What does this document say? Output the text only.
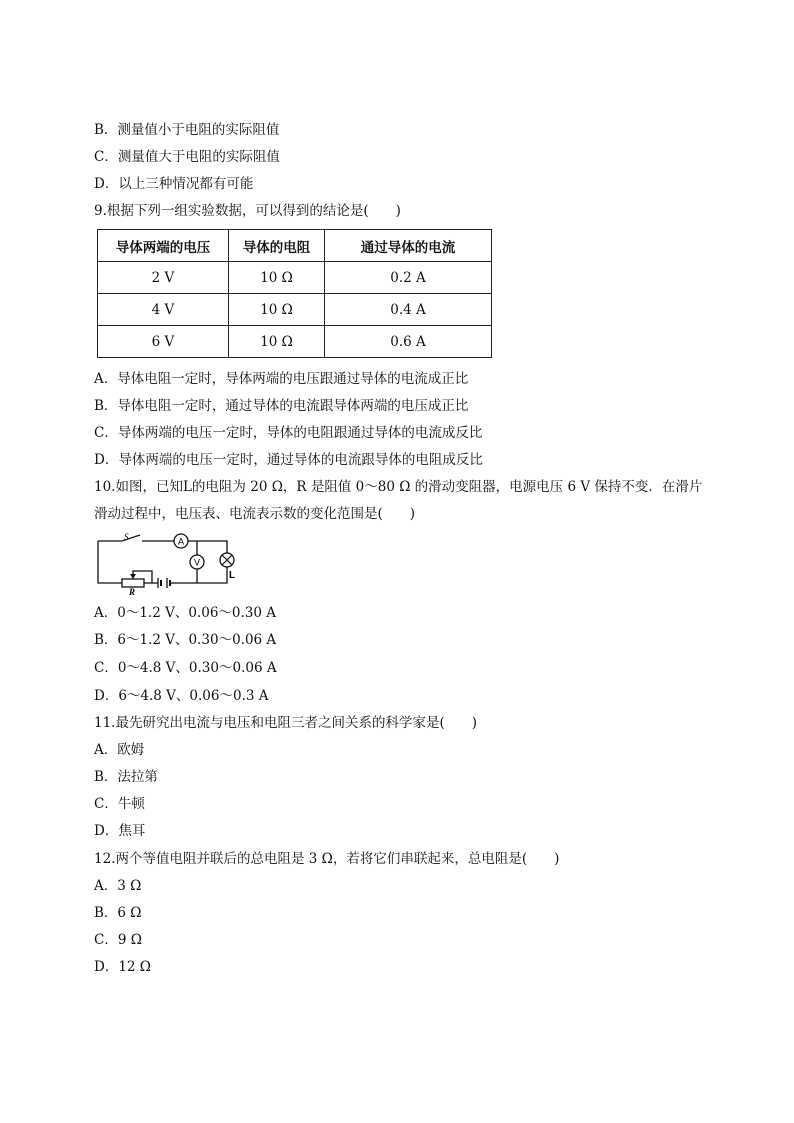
B．测量值小于电阻的实际阻值
C．测量值大于电阻的实际阻值
D．以上三种情况都有可能
9.根据下列一组实验数据，可以得到的结论是(　　)
导体两端的电压	导体的电阻	通过导体的电流
2 V	10 Ω	0.2 A
4 V	10 Ω	0.4 A
6 V	10 Ω	0.6 A
A．导体电阻一定时，导体两端的电压跟通过导体的电流成正比
B．导体电阻一定时，通过导体的电流跟导体两端的电压成正比
C．导体两端的电压一定时，导体的电阻跟通过导体的电流成反比
D．导体两端的电压一定时，通过导体的电流跟导体的电阻成反比
10.如图，已知L的电阻为 20 Ω，R 是阻值 0～80 Ω 的滑动变阻器，电源电压 6 V 保持不变．在滑片滑动过程中，电压表、电流表示数的变化范围是(　　)
A
V
L
S
R
A．0～1.2 V、0.06～0.30 A
B．6～1.2 V、0.30～0.06 A
C．0～4.8 V、0.30～0.06 A
D．6～4.8 V、0.06～0.3 A
11.最先研究出电流与电压和电阻三者之间关系的科学家是(　　)
A．欧姆
B．法拉第
C．牛顿
D．焦耳
12.两个等值电阻并联后的总电阻是 3 Ω，若将它们串联起来，总电阻是(　　)
A．3 Ω
B．6 Ω
C．9 Ω
D．12 Ω
